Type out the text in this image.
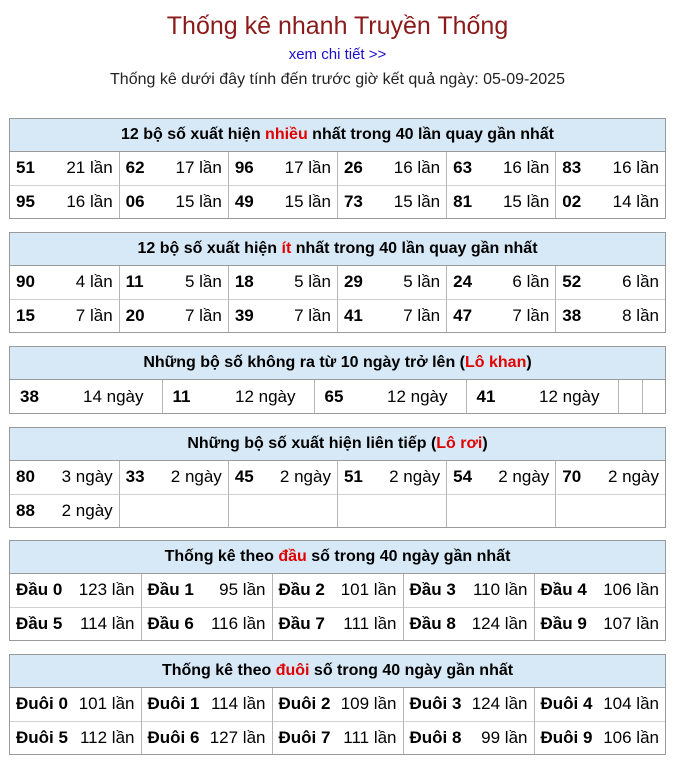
Thống kê nhanh Truyền Thống
xem chi tiết >>
Thống kê dưới đây tính đến trước giờ kết quả ngày: 05-09-2025
12 bộ số xuất hiện nhiều nhất trong 40 lần quay gần nhất
51 21 lần	62 17 lần	96 17 lần	26 16 lần	63 16 lần	83 16 lần

95 16 lần	06 15 lần	49 15 lần	73 15 lần	81 15 lần	02 14 lần
12 bộ số xuất hiện ít nhất trong 40 lần quay gần nhất
90 4 lần	11 5 lần	18 5 lần	29 5 lần	24 6 lần	52 6 lần

15 7 lần	20 7 lần	39 7 lần	41 7 lần	47 7 lần	38 8 lần
Những bộ số không ra từ 10 ngày trở lên (Lô khan)
38	14 ngày	11	12 ngày	65	12 ngày	41	12 ngày

Những bộ số xuất hiện liên tiếp (Lô rơi)
80 3 ngày	33 2 ngày	45 2 ngày	51 2 ngày	54 2 ngày	70 2 ngày

88 2 ngày					

Thống kê theo đầu số trong 40 ngày gần nhất
Đầu 0 123 lần	Đầu 1 95 lần	Đầu 2 101 lần	Đầu 3 110 lần	Đầu 4 106 lần

Đầu 5 114 lần	Đầu 6 116 lần	Đầu 7 111 lần	Đầu 8 124 lần	Đầu 9 107 lần
Thống kê theo đuôi số trong 40 ngày gần nhất
Đuôi 0 101 lần	Đuôi 1 114 lần	Đuôi 2 109 lần	Đuôi 3 124 lần	Đuôi 4 104 lần

Đuôi 5 112 lần	Đuôi 6 127 lần	Đuôi 7 111 lần	Đuôi 8 99 lần	Đuôi 9 106 lần
